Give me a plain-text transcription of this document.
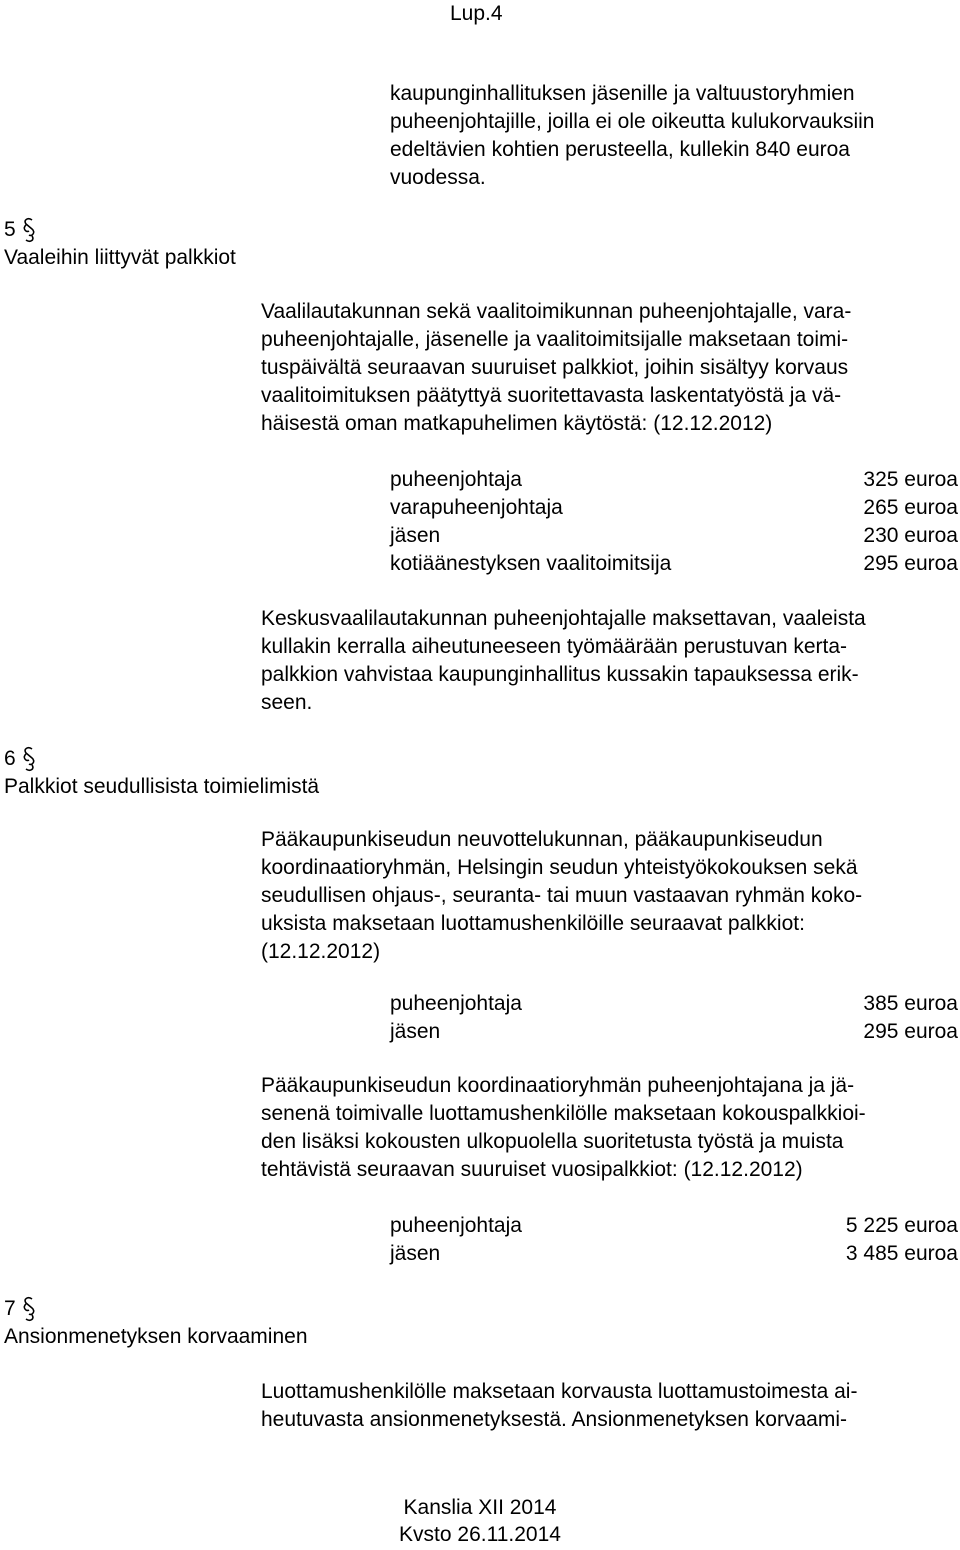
Lup.4
kaupunginhallituksen jäsenille ja valtuustoryhmien
puheenjohtajille, joilla ei ole oikeutta kulukorvauksiin
edeltävien kohtien perusteella, kullekin 840 euroa
vuodessa.
5
Vaaleihin liittyvät palkkiot
Vaalilautakunnan sekä vaalitoimikunnan puheenjohtajalle, vara-
puheenjohtajalle, jäsenelle ja vaalitoimitsijalle maksetaan toimi-
tuspäivältä seuraavan suuruiset palkkiot, joihin sisältyy korvaus
vaalitoimituksen päätyttyä suoritettavasta laskentatyöstä ja vä-
häisestä oman matkapuhelimen käytöstä: (12.12.2012)
puheenjohtaja	325 euroa
varapuheenjohtaja	265 euroa
jäsen	230 euroa
kotiäänestyksen vaalitoimitsija	295 euroa
Keskusvaalilautakunnan puheenjohtajalle maksettavan, vaaleista
kullakin kerralla aiheutuneeseen työmäärään perustuvan kerta-
palkkion vahvistaa kaupunginhallitus kussakin tapauksessa erik-
seen.
6
Palkkiot seudullisista toimielimistä
Pääkaupunkiseudun neuvottelukunnan, pääkaupunkiseudun
koordinaatioryhmän, Helsingin seudun yhteistyökokouksen sekä
seudullisen ohjaus-, seuranta- tai muun vastaavan ryhmän koko-
uksista maksetaan luottamushenkilöille seuraavat palkkiot:
(12.12.2012)
puheenjohtaja	385 euroa
jäsen	295 euroa
Pääkaupunkiseudun koordinaatioryhmän puheenjohtajana ja jä-
senenä toimivalle luottamushenkilölle maksetaan kokouspalkkioi-
den lisäksi kokousten ulkopuolella suoritetusta työstä ja muista
tehtävistä seuraavan suuruiset vuosipalkkiot: (12.12.2012)
puheenjohtaja	5 225 euroa
jäsen	3 485 euroa
7
Ansionmenetyksen korvaaminen
Luottamushenkilölle maksetaan korvausta luottamustoimesta ai-
heutuvasta ansionmenetyksestä. Ansionmenetyksen korvaami-
Kanslia XII 2014
Kvsto 26.11.2014
